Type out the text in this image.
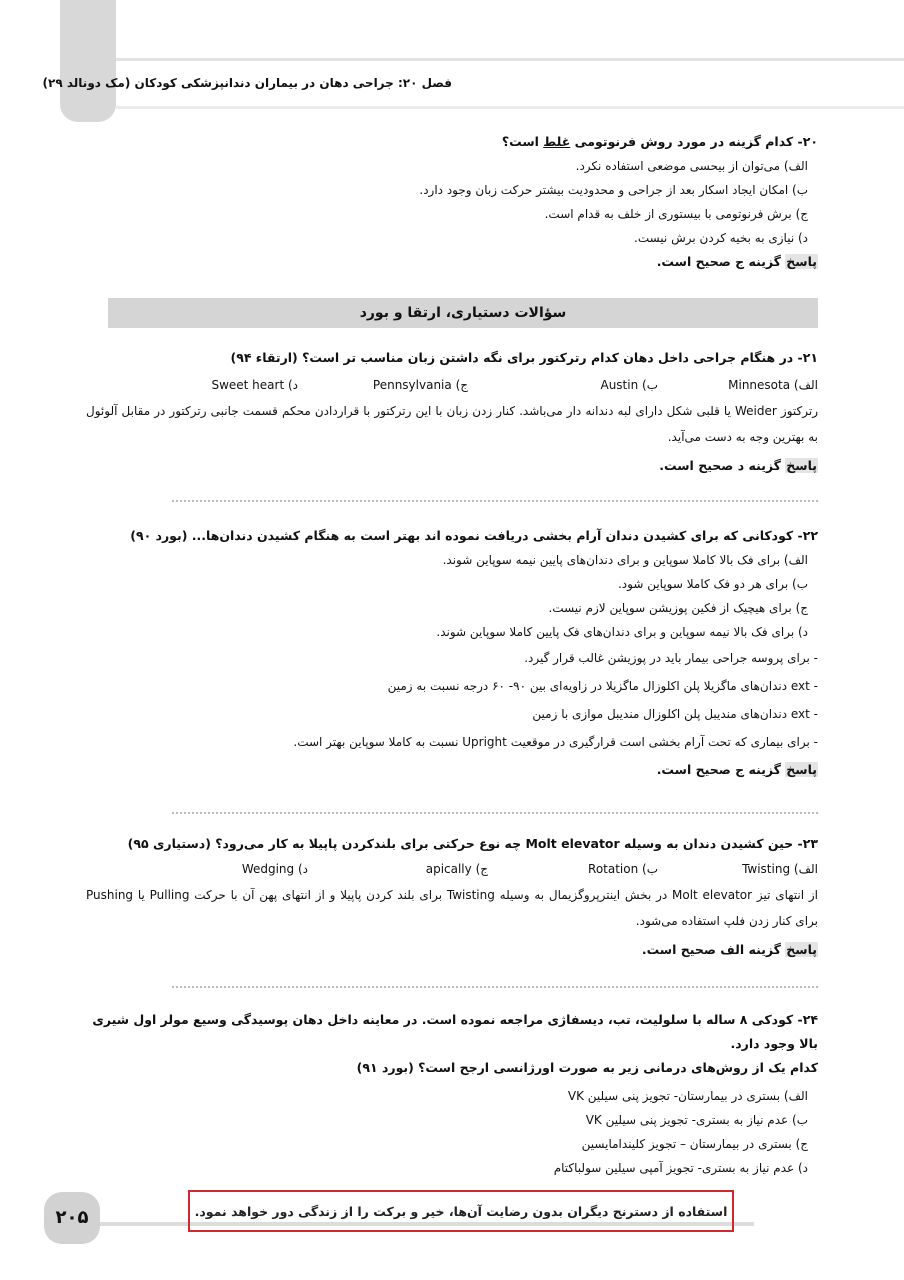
فصل ۲۰: جراحی دهان در بیماران دندانپزشکی کودکان (مک دونالد ۲۹)
۲۰- کدام گزینه در مورد روش فرنوتومی غلط است؟
الف) می‌توان از بیحسی موضعی استفاده نکرد.
ب) امکان ایجاد اسکار بعد از جراحی و محدودیت بیشتر حرکت زبان وجود دارد.
ج) برش فرنوتومی با بیستوری از خلف به قدام است.
د) نیازی به بخیه کردن برش نیست.
پاسخ گزینه ج صحیح است.
سؤالات دستیاری، ارتقا و بورد
۲۱- در هنگام جراحی داخل دهان کدام رترکتور برای نگه داشتن زبان مناسب تر است؟ (ارتقاء ۹۴)
الف) Minnesota
ب) Austin
ج) Pennsylvania
د) Sweet heart
رترکتوز Weider یا قلبی شکل دارای لبه دندانه دار می‌باشد. کنار زدن زبان با این رترکتور با قراردادن محکم قسمت جانبی رترکتور در مقابل آلوئول به بهترین وجه به دست می‌آید.
پاسخ گزینه د صحیح است.
۲۲- کودکانی که برای کشیدن دندان آرام بخشی دریافت نموده اند بهتر است به هنگام کشیدن دندان‌ها... (بورد ۹۰)
الف) برای فک بالا کاملا سوپاین و برای دندان‌های پایین نیمه سوپاین شوند.
ب) برای هر دو فک کاملا سوپاین شود.
ج) برای هیچیک از فکین پوزیشن سوپاین لازم نیست.
د) برای فک بالا نیمه سوپاین و برای دندان‌های فک پایین کاملا سوپاین شوند.
- برای پروسه جراحی بیمار باید در پوزیشن غالب قرار گیرد.
- ext دندان‌های ماگزیلا پلن اکلوزال ماگزیلا در زاویه‌ای بین ۹۰- ۶۰ درجه نسبت به زمین
- ext دندان‌های مندیبل پلن اکلوزال مندیبل موازی با زمین
- برای بیماری که تحت آرام بخشی است قرارگیری در موقعیت Upright نسبت به کاملا سوپاین بهتر است.
پاسخ گزینه ج صحیح است.
۲۳- حین کشیدن دندان به وسیله Molt elevator چه نوع حرکتی برای بلندکردن پاپیلا به کار می‌رود؟ (دستیاری ۹۵)
الف) Twisting
ب) Rotation
ج) apically
د) Wedging
از انتهای تیز Molt elevator در بخش اینترپروگزیمال به وسیله Twisting برای بلند کردن پاپیلا و از انتهای پهن آن با حرکت Pulling یا Pushing برای کنار زدن فلپ استفاده می‌شود.
پاسخ گزینه الف صحیح است.
۲۴- کودکی ۸ ساله با سلولیت، تب، دیسفاژی مراجعه نموده است. در معاینه داخل دهان پوسیدگی وسیع مولر اول شیری بالا وجود دارد.
کدام یک از روش‌های درمانی زیر به صورت اورژانسی ارجح است؟ (بورد ۹۱)
الف) بستری در بیمارستان- تجویز پنی سیلین VK
ب) عدم نیاز به بستری- تجویز پنی سیلین VK
ج) بستری در بیمارستان – تجویز کلیندامایسین
د) عدم نیاز به بستری- تجویز آمپی سیلین سولباکتام
۲۰۵	استفاده از دسترنج دیگران بدون رضایت آن‌ها، خیر و برکت را از زندگی دور خواهد نمود.
